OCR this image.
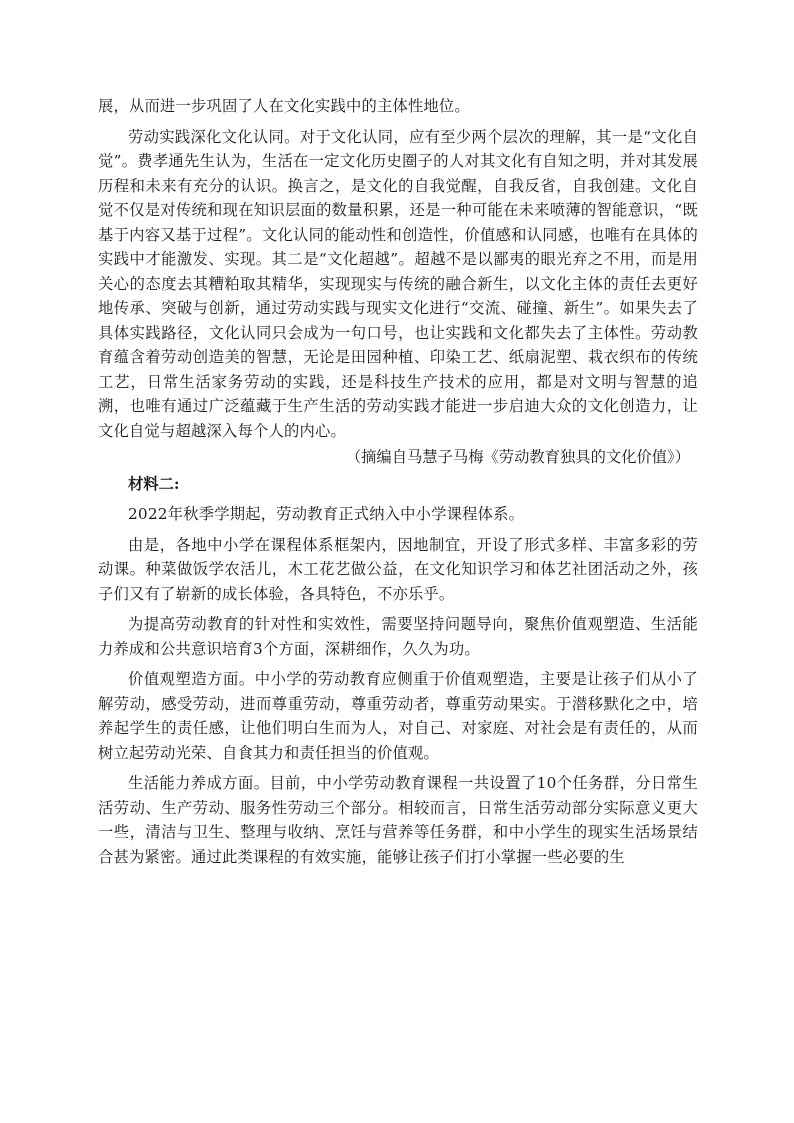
展，从而进一步巩固了人在文化实践中的主体性地位。

劳动实践深化文化认同。对于文化认同，应有至少两个层次的理解，其一是“文化自觉”。费孝通先生认为，生活在一定文化历史圈子的人对其文化有自知之明，并对其发展历程和未来有充分的认识。换言之，是文化的自我觉醒，自我反省，自我创建。文化自觉不仅是对传统和现在知识层面的数量积累，还是一种可能在未来喷薄的智能意识，“既基于内容又基于过程”。文化认同的能动性和创造性，价值感和认同感，也唯有在具体的实践中才能激发、实现。其二是“文化超越”。超越不是以鄙夷的眼光弃之不用，而是用关心的态度去其糟粕取其精华，实现现实与传统的融合新生，以文化主体的责任去更好地传承、突破与创新，通过劳动实践与现实文化进行“交流、碰撞、新生”。如果失去了具体实践路径，文化认同只会成为一句口号，也让实践和文化都失去了主体性。劳动教育蕴含着劳动创造美的智慧，无论是田园种植、印染工艺、纸扇泥塑、栽衣织布的传统工艺，日常生活家务劳动的实践，还是科技生产技术的应用，都是对文明与智慧的追溯，也唯有通过广泛蕴藏于生产生活的劳动实践才能进一步启迪大众的文化创造力，让文化自觉与超越深入每个人的内心。

（摘编自马慧子马梅《劳动教育独具的文化价值》）

材料二:

2022年秋季学期起，劳动教育正式纳入中小学课程体系。

由是，各地中小学在课程体系框架内，因地制宜，开设了形式多样、丰富多彩的劳动课。种菜做饭学农活儿，木工花艺做公益，在文化知识学习和体艺社团活动之外，孩子们又有了崭新的成长体验，各具特色，不亦乐乎。

为提高劳动教育的针对性和实效性，需要坚持问题导向，聚焦价值观塑造、生活能力养成和公共意识培育3个方面，深耕细作，久久为功。

价值观塑造方面。中小学的劳动教育应侧重于价值观塑造，主要是让孩子们从小了解劳动，感受劳动，进而尊重劳动，尊重劳动者，尊重劳动果实。于潜移默化之中，培养起学生的责任感，让他们明白生而为人，对自己、对家庭、对社会是有责任的，从而树立起劳动光荣、自食其力和责任担当的价值观。

生活能力养成方面。目前，中小学劳动教育课程一共设置了10个任务群，分日常生活劳动、生产劳动、服务性劳动三个部分。相较而言，日常生活劳动部分实际意义更大一些，清洁与卫生、整理与收纳、烹饪与营养等任务群，和中小学生的现实生活场景结合甚为紧密。通过此类课程的有效实施，能够让孩子们打小掌握一些必要的生
